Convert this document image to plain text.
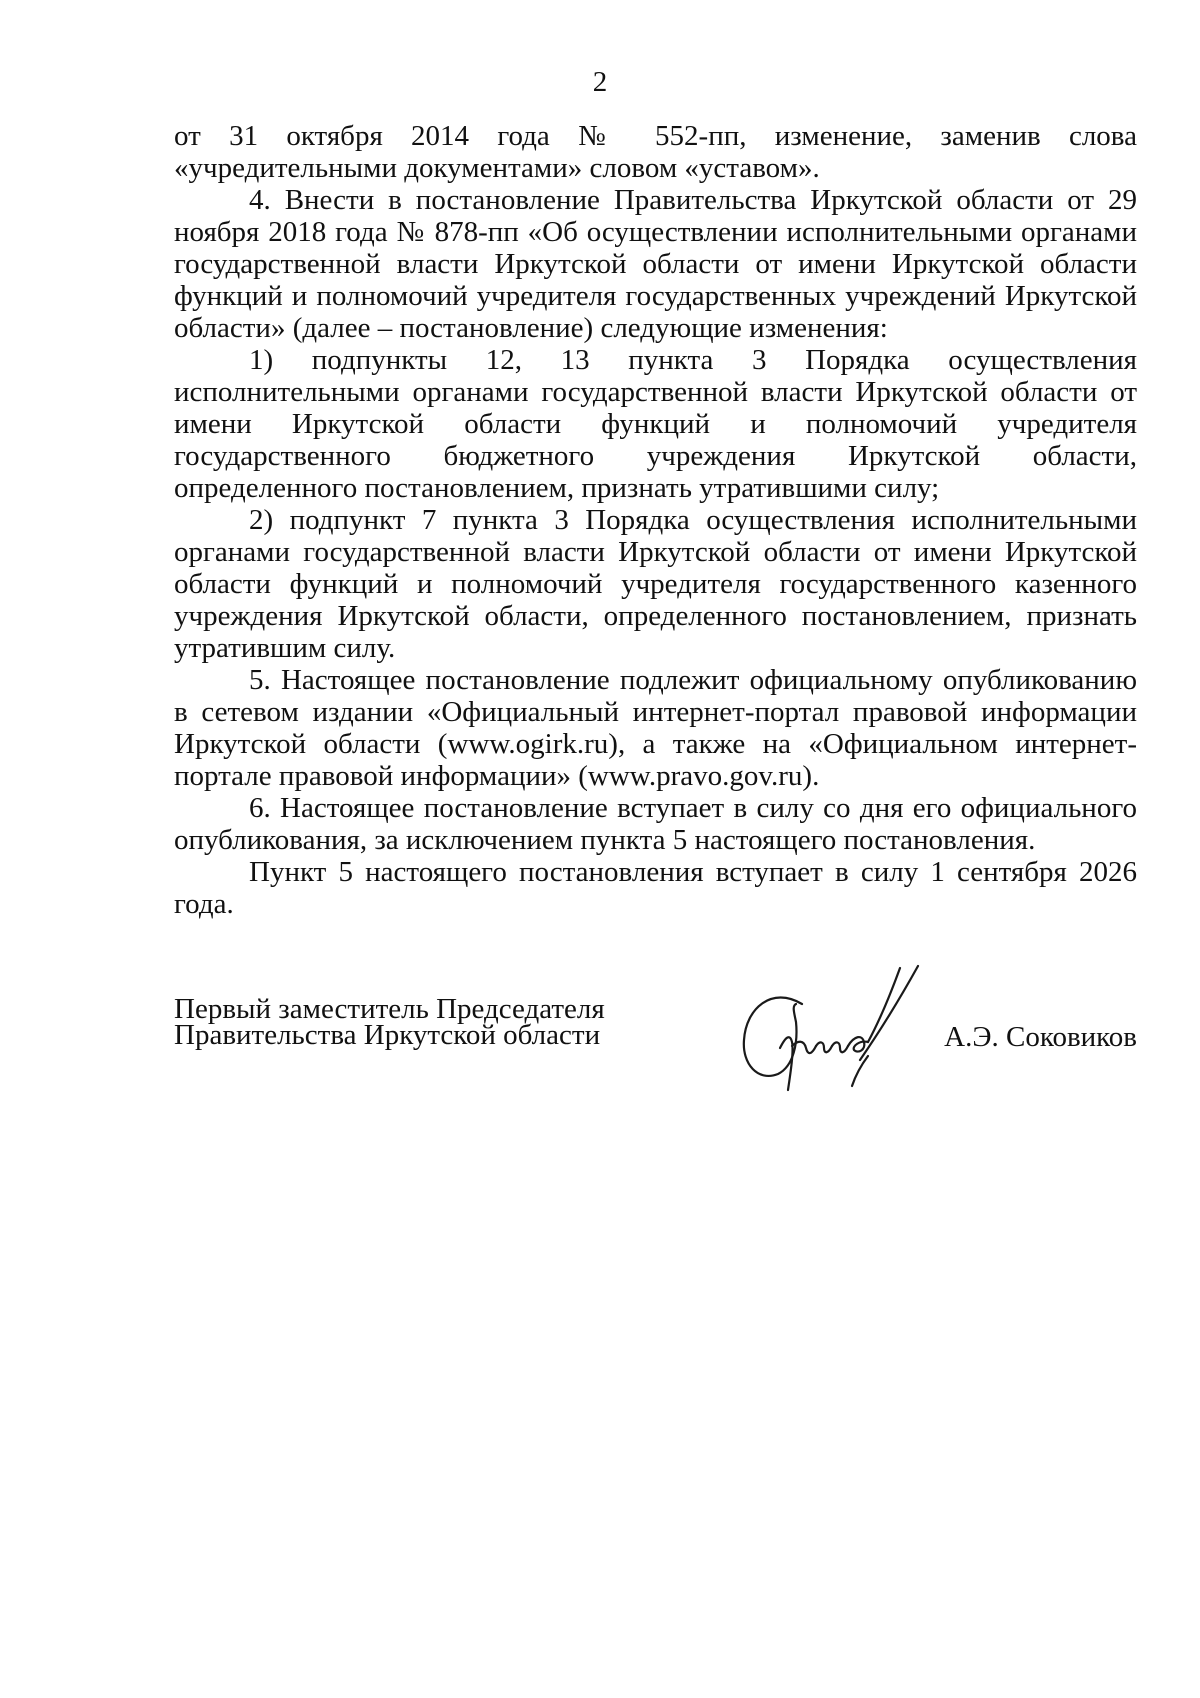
2

от 31 октября 2014 года № 552-пп, изменение, заменив слова «учредительными документами» словом «уставом».

4. Внести в постановление Правительства Иркутской области от 29 ноября 2018 года № 878-пп «Об осуществлении исполнительными органами государственной власти Иркутской области от имени Иркутской области функций и полномочий учредителя государственных учреждений Иркутской области» (далее – постановление) следующие изменения:

1) подпункты 12, 13 пункта 3 Порядка осуществления исполнительными органами государственной власти Иркутской области от имени Иркутской области функций и полномочий учредителя государственного бюджетного учреждения Иркутской области, определенного постановлением, признать утратившими силу;

2) подпункт 7 пункта 3 Порядка осуществления исполнительными органами государственной власти Иркутской области от имени Иркутской области функций и полномочий учредителя государственного казенного учреждения Иркутской области, определенного постановлением, признать утратившим силу.

5. Настоящее постановление подлежит официальному опубликованию в сетевом издании «Официальный интернет-портал правовой информации Иркутской области (www.ogirk.ru), а также на «Официальном интернет-портале правовой информации» (www.pravo.gov.ru).

6. Настоящее постановление вступает в силу со дня его официального опубликования, за исключением пункта 5 настоящего постановления.

Пункт 5 настоящего постановления вступает в силу 1 сентября 2026 года.

Первый заместитель Председателя
Правительства Иркутской области	А.Э. Соковиков
